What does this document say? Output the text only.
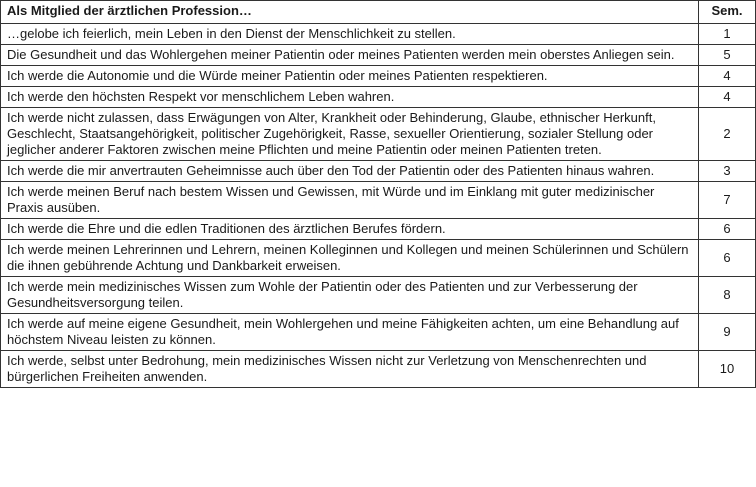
Als Mitglied der ärztlichen Profession…	Sem.
…gelobe ich feierlich, mein Leben in den Dienst der Menschlichkeit zu stellen.	1
Die Gesundheit und das Wohlergehen meiner Patientin oder meines Patienten werden mein oberstes Anliegen sein.	5
Ich werde die Autonomie und die Würde meiner Patientin oder meines Patienten respektieren.	4
Ich werde den höchsten Respekt vor menschlichem Leben wahren.	4
Ich werde nicht zulassen, dass Erwägungen von Alter, Krankheit oder Behinderung, Glaube, ethnischer Herkunft, Geschlecht, Staatsangehörigkeit, politischer Zugehörigkeit, Rasse, sexueller Orientierung, sozialer Stellung oder jeglicher anderer Faktoren zwischen meine Pflichten und meine Patientin oder meinen Patienten treten.	2
Ich werde die mir anvertrauten Geheimnisse auch über den Tod der Patientin oder des Patienten hinaus wahren.	3
Ich werde meinen Beruf nach bestem Wissen und Gewissen, mit Würde und im Einklang mit guter medizinischer Praxis ausüben.	7
Ich werde die Ehre und die edlen Traditionen des ärztlichen Berufes fördern.	6
Ich werde meinen Lehrerinnen und Lehrern, meinen Kolleginnen und Kollegen und meinen Schülerinnen und Schülern die ihnen gebührende Achtung und Dankbarkeit erweisen.	6
Ich werde mein medizinisches Wissen zum Wohle der Patientin oder des Patienten und zur Verbesserung der Gesundheitsversorgung teilen.	8
Ich werde auf meine eigene Gesundheit, mein Wohlergehen und meine Fähigkeiten achten, um eine Behandlung auf höchstem Niveau leisten zu können.	9
Ich werde, selbst unter Bedrohung, mein medizinisches Wissen nicht zur Verletzung von Menschenrechten und bürgerlichen Freiheiten anwenden.	10
